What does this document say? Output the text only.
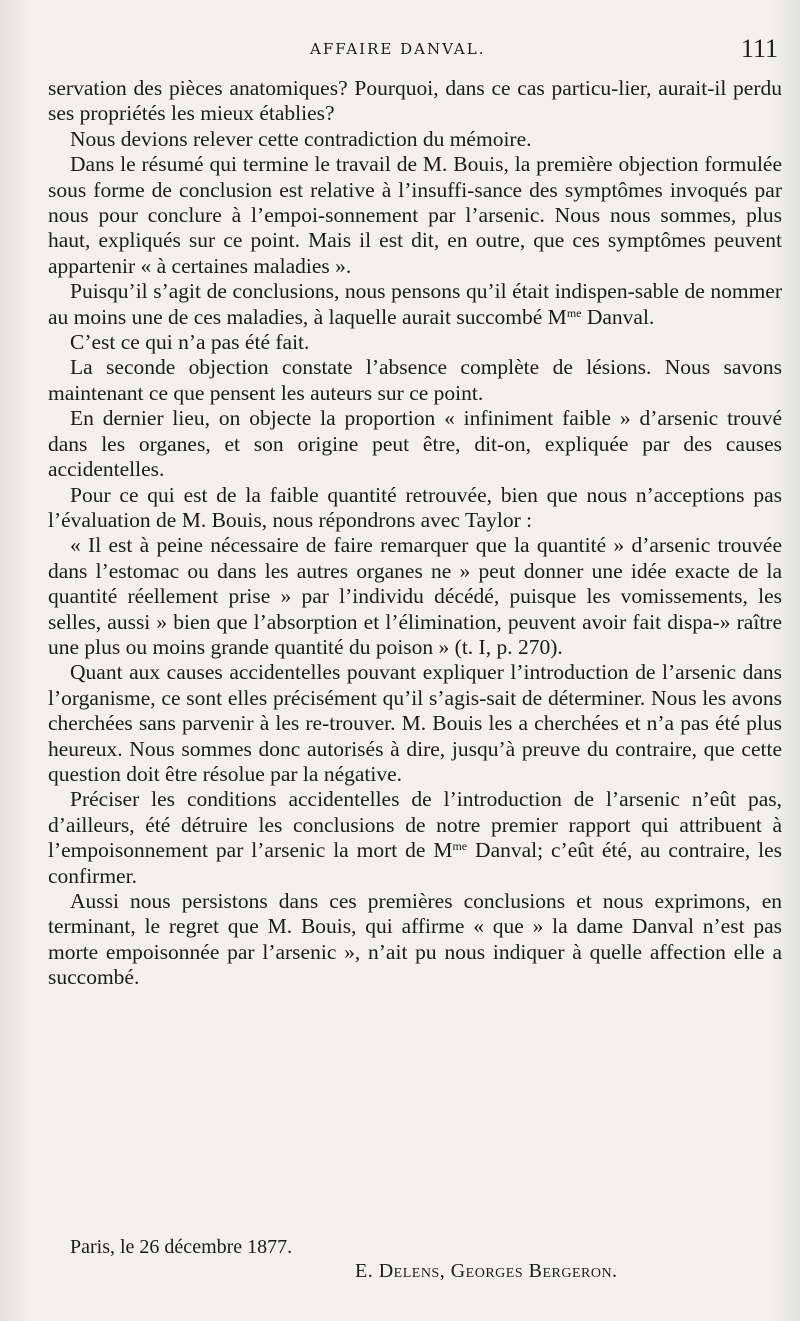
AFFAIRE DANVAL.	111

servation des pièces anatomiques? Pourquoi, dans ce cas particu-lier, aurait-il perdu ses propriétés les mieux établies?

Nous devions relever cette contradiction du mémoire.

Dans le résumé qui termine le travail de M. Bouis, la première objection formulée sous forme de conclusion est relative à l’insuffi-sance des symptômes invoqués par nous pour conclure à l’empoi-sonnement par l’arsenic. Nous nous sommes, plus haut, expliqués sur ce point. Mais il est dit, en outre, que ces symptômes peuvent appartenir « à certaines maladies ».

Puisqu’il s’agit de conclusions, nous pensons qu’il était indispen-sable de nommer au moins une de ces maladies, à laquelle aurait succombé $M^{me}$ Danval.

C’est ce qui n’a pas été fait.

La seconde objection constate l’absence complète de lésions. Nous savons maintenant ce que pensent les auteurs sur ce point.

En dernier lieu, on objecte la proportion « infiniment faible » d’arsenic trouvé dans les organes, et son origine peut être, dit-on, expliquée par des causes accidentelles.

Pour ce qui est de la faible quantité retrouvée, bien que nous n’acceptions pas l’évaluation de M. Bouis, nous répondrons avec Taylor :

« Il est à peine nécessaire de faire remarquer que la quantité » d’arsenic trouvée dans l’estomac ou dans les autres organes ne » peut donner une idée exacte de la quantité réellement prise » par l’individu décédé, puisque les vomissements, les selles, aussi » bien que l’absorption et l’élimination, peuvent avoir fait dispa-» raître une plus ou moins grande quantité du poison » (t. I, p. 270).

Quant aux causes accidentelles pouvant expliquer l’introduction de l’arsenic dans l’organisme, ce sont elles précisément qu’il s’agis-sait de déterminer. Nous les avons cherchées sans parvenir à les re-trouver. M. Bouis les a cherchées et n’a pas été plus heureux. Nous sommes donc autorisés à dire, jusqu’à preuve du contraire, que cette question doit être résolue par la négative.

Préciser les conditions accidentelles de l’introduction de l’arsenic n’eût pas, d’ailleurs, été détruire les conclusions de notre premier rapport qui attribuent à l’empoisonnement par l’arsenic la mort de $M^{me}$ Danval; c’eût été, au contraire, les confirmer.

Aussi nous persistons dans ces premières conclusions et nous exprimons, en terminant, le regret que M. Bouis, qui affirme « que » la dame Danval n’est pas morte empoisonnée par l’arsenic », n’ait pu nous indiquer à quelle affection elle a succombé.

Paris, le 26 décembre 1877.
E. Delens, Georges Bergeron.
